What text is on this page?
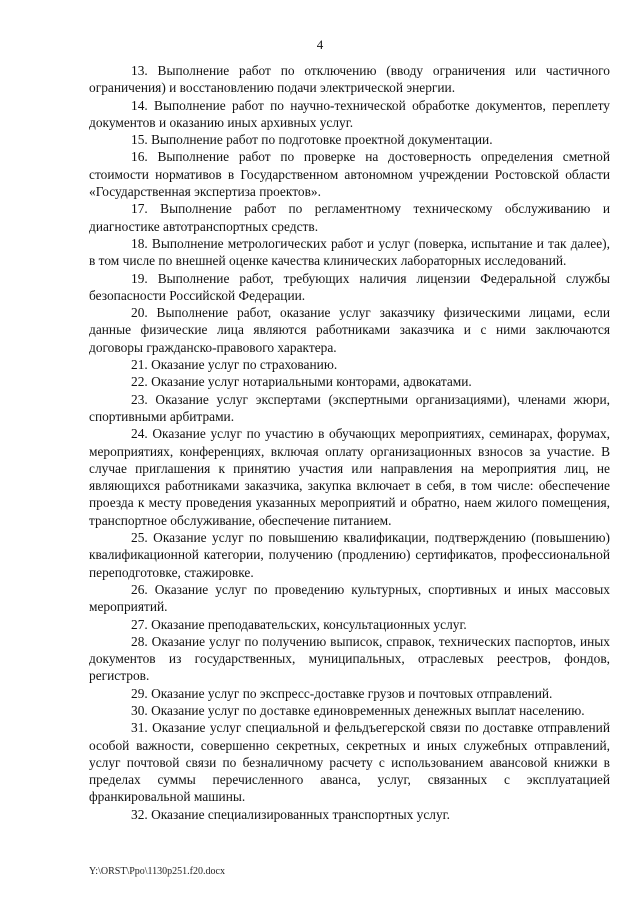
4

13. Выполнение работ по отключению (вводу ограничения или частичного ограничения) и восстановлению подачи электрической энергии.

14. Выполнение работ по научно-технической обработке документов, переплету документов и оказанию иных архивных услуг.

15. Выполнение работ по подготовке проектной документации.

16. Выполнение работ по проверке на достоверность определения сметной стоимости нормативов в Государственном автономном учреждении Ростовской области «Государственная экспертиза проектов».

17. Выполнение работ по регламентному техническому обслуживанию и диагностике автотранспортных средств.

18. Выполнение метрологических работ и услуг (поверка, испытание и так далее), в том числе по внешней оценке качества клинических лабораторных исследований.

19. Выполнение работ, требующих наличия лицензии Федеральной службы безопасности Российской Федерации.

20. Выполнение работ, оказание услуг заказчику физическими лицами, если данные физические лица являются работниками заказчика и с ними заключаются договоры гражданско-правового характера.

21. Оказание услуг по страхованию.

22. Оказание услуг нотариальными конторами, адвокатами.

23. Оказание услуг экспертами (экспертными организациями), членами жюри, спортивными арбитрами.

24. Оказание услуг по участию в обучающих мероприятиях, семинарах, форумах, мероприятиях, конференциях, включая оплату организационных взносов за участие. В случае приглашения к принятию участия или направления на мероприятия лиц, не являющихся работниками заказчика, закупка включает в себя, в том числе: обеспечение проезда к месту проведения указанных мероприятий и обратно, наем жилого помещения, транспортное обслуживание, обеспечение питанием.

25. Оказание услуг по повышению квалификации, подтверждению (повышению) квалификационной категории, получению (продлению) сертификатов, профессиональной переподготовке, стажировке.

26. Оказание услуг по проведению культурных, спортивных и иных массовых мероприятий.

27. Оказание преподавательских, консультационных услуг.

28. Оказание услуг по получению выписок, справок, технических паспортов, иных документов из государственных, муниципальных, отраслевых реестров, фондов, регистров.

29. Оказание услуг по экспресс-доставке грузов и почтовых отправлений.

30. Оказание услуг по доставке единовременных денежных выплат населению.

31. Оказание услуг специальной и фельдъегерской связи по доставке отправлений особой важности, совершенно секретных, секретных и иных служебных отправлений, услуг почтовой связи по безналичному расчету с использованием авансовой книжки в пределах суммы перечисленного аванса, услуг, связанных с эксплуатацией франкировальной машины.

32. Оказание специализированных транспортных услуг.

Y:\ORST\Ppo\1130p251.f20.docx
